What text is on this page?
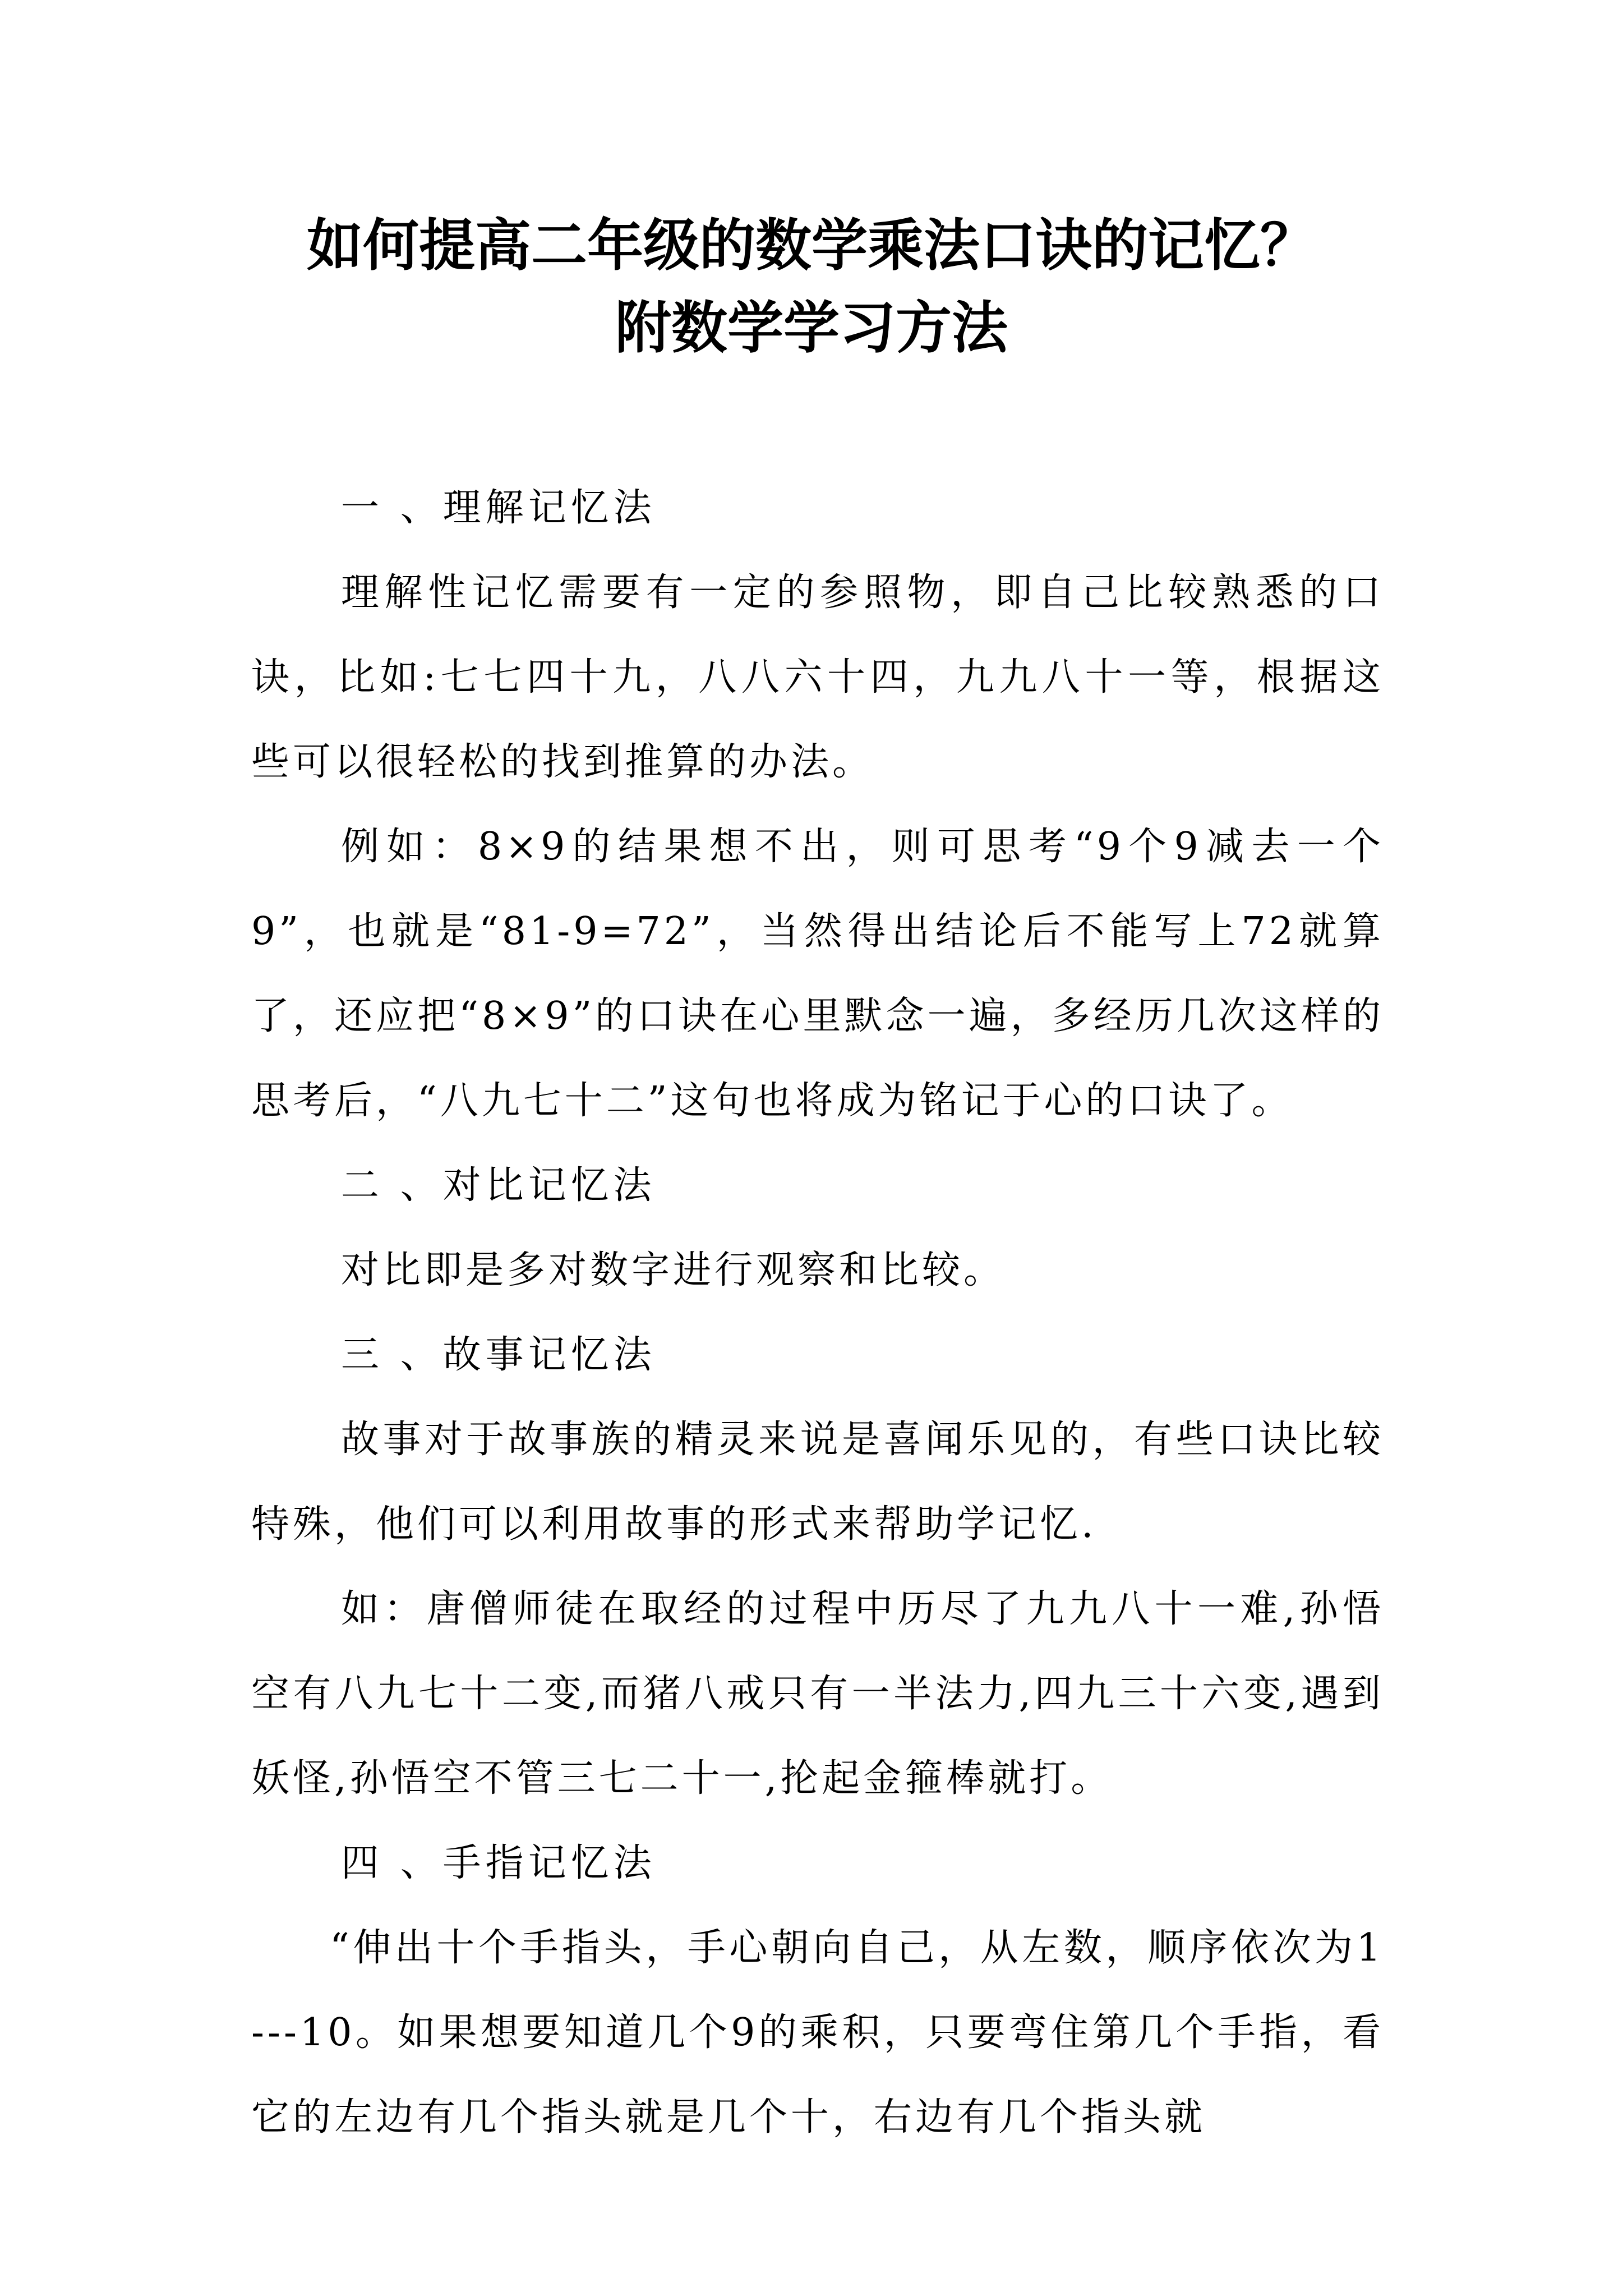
如何提高二年级的数学乘法口诀的记忆？
附数学学习方法

一 、理解记忆法

理解性记忆需要有一定的参照物，即自己比较熟悉的口诀，比如:七七四十九，八八六十四，九九八十一等，根据这些可以很轻松的找到推算的办法。

例如：8×9的结果想不出，则可思考“9个9减去一个9”，也就是“81-9=72”，当然得出结论后不能写上72就算了，还应把“8×9”的口诀在心里默念一遍，多经历几次这样的思考后，“八九七十二”这句也将成为铭记于心的口诀了。

二 、对比记忆法

对比即是多对数字进行观察和比较。

三 、故事记忆法

故事对于故事族的精灵来说是喜闻乐见的，有些口诀比较特殊，他们可以利用故事的形式来帮助学记忆.

如：唐僧师徒在取经的过程中历尽了九九八十一难,孙悟空有八九七十二变,而猪八戒只有一半法力,四九三十六变,遇到妖怪,孙悟空不管三七二十一,抡起金箍棒就打。

四 、手指记忆法

“伸出十个手指头，手心朝向自己，从左数，顺序依次为1---10。如果想要知道几个9的乘积，只要弯住第几个手指，看它的左边有几个指头就是几个十，右边有几个指头就
